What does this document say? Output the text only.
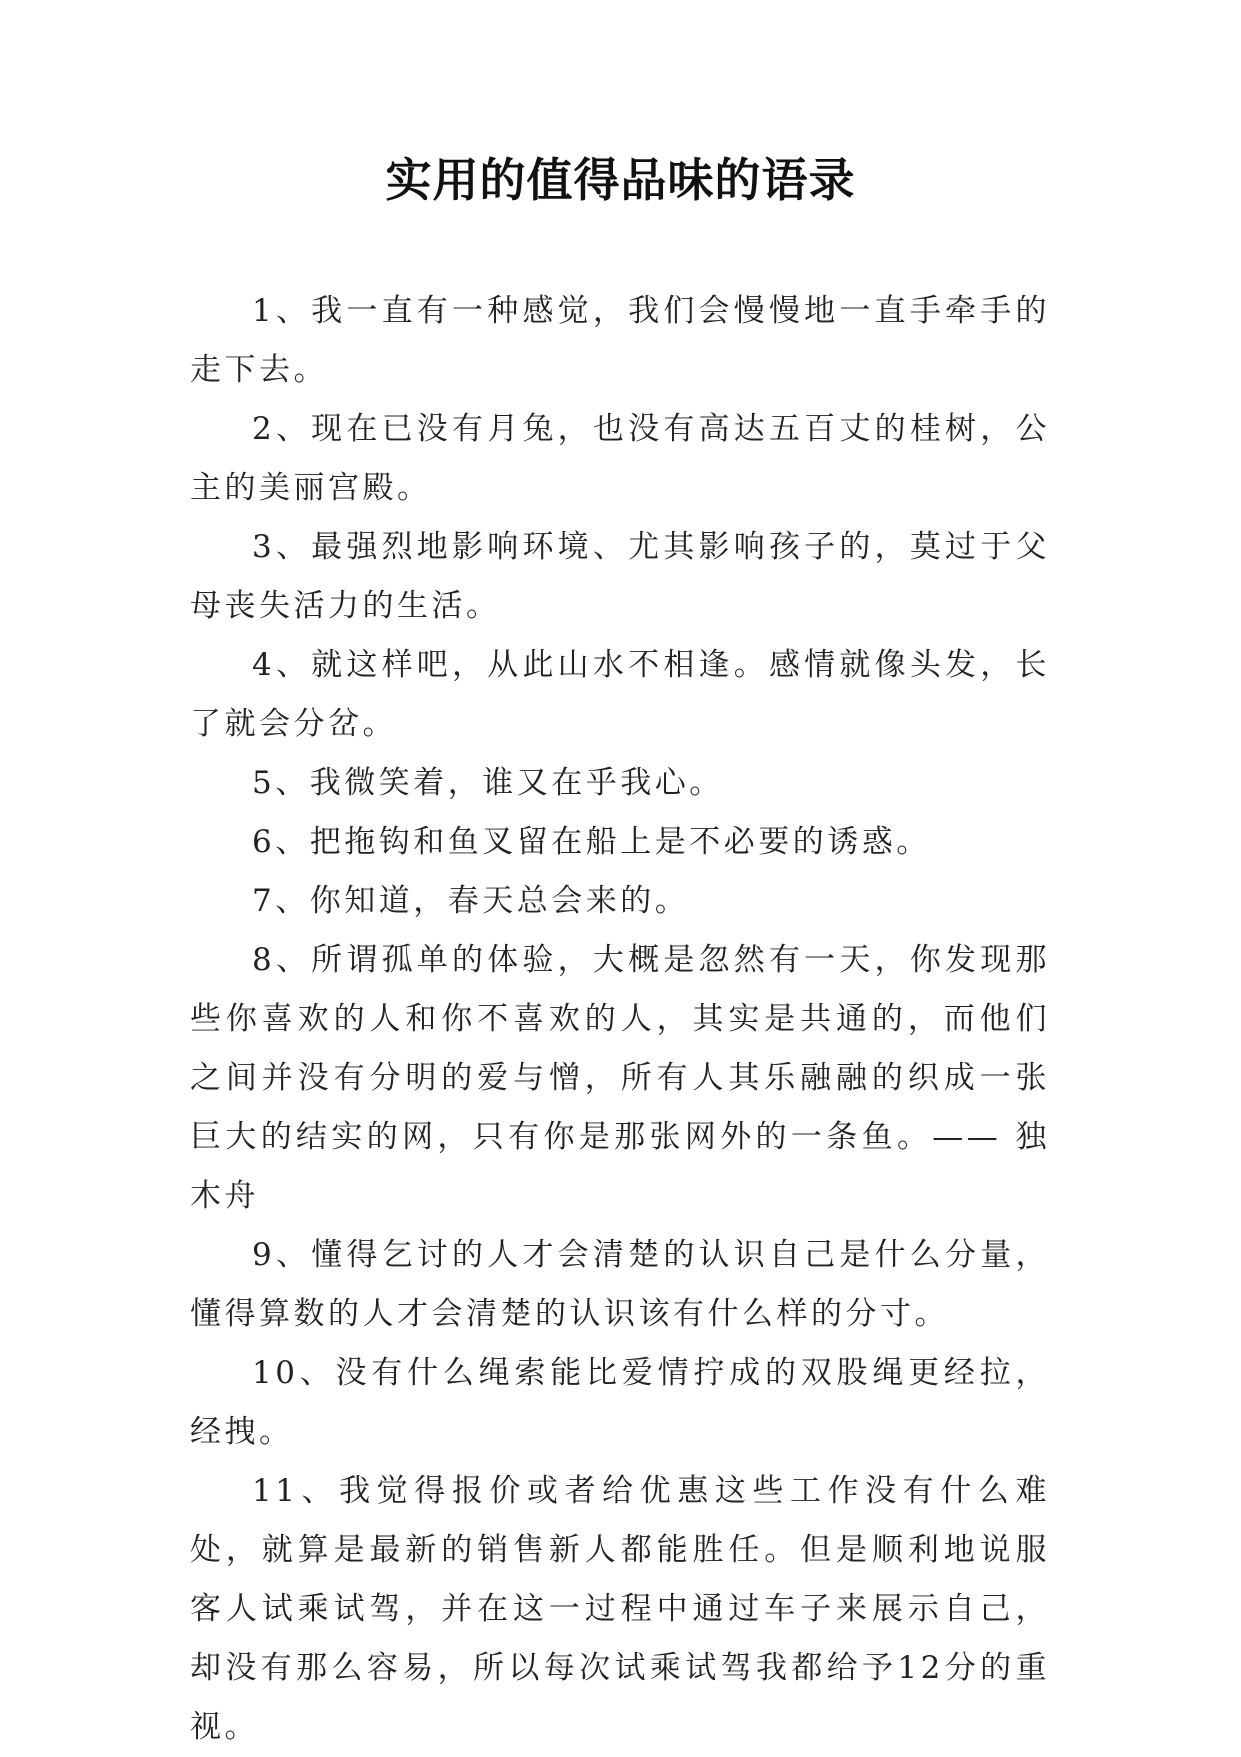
实用的值得品味的语录

1、我一直有一种感觉，我们会慢慢地一直手牵手的走下去。

2、现在已没有月兔，也没有高达五百丈的桂树，公主的美丽宫殿。

3、最强烈地影响环境、尤其影响孩子的，莫过于父母丧失活力的生活。

4、就这样吧，从此山水不相逢。感情就像头发，长了就会分岔。

5、我微笑着，谁又在乎我心。

6、把拖钩和鱼叉留在船上是不必要的诱惑。

7、你知道，春天总会来的。

8、所谓孤单的体验，大概是忽然有一天，你发现那些你喜欢的人和你不喜欢的人，其实是共通的，而他们之间并没有分明的爱与憎，所有人其乐融融的织成一张巨大的结实的网，只有你是那张网外的一条鱼。—— 独木舟

9、懂得乞讨的人才会清楚的认识自己是什么分量，懂得算数的人才会清楚的认识该有什么样的分寸。

10、没有什么绳索能比爱情拧成的双股绳更经拉，经拽。

11、我觉得报价或者给优惠这些工作没有什么难处，就算是最新的销售新人都能胜任。但是顺利地说服客人试乘试驾，并在这一过程中通过车子来展示自己，却没有那么容易，所以每次试乘试驾我都给予12分的重视。
